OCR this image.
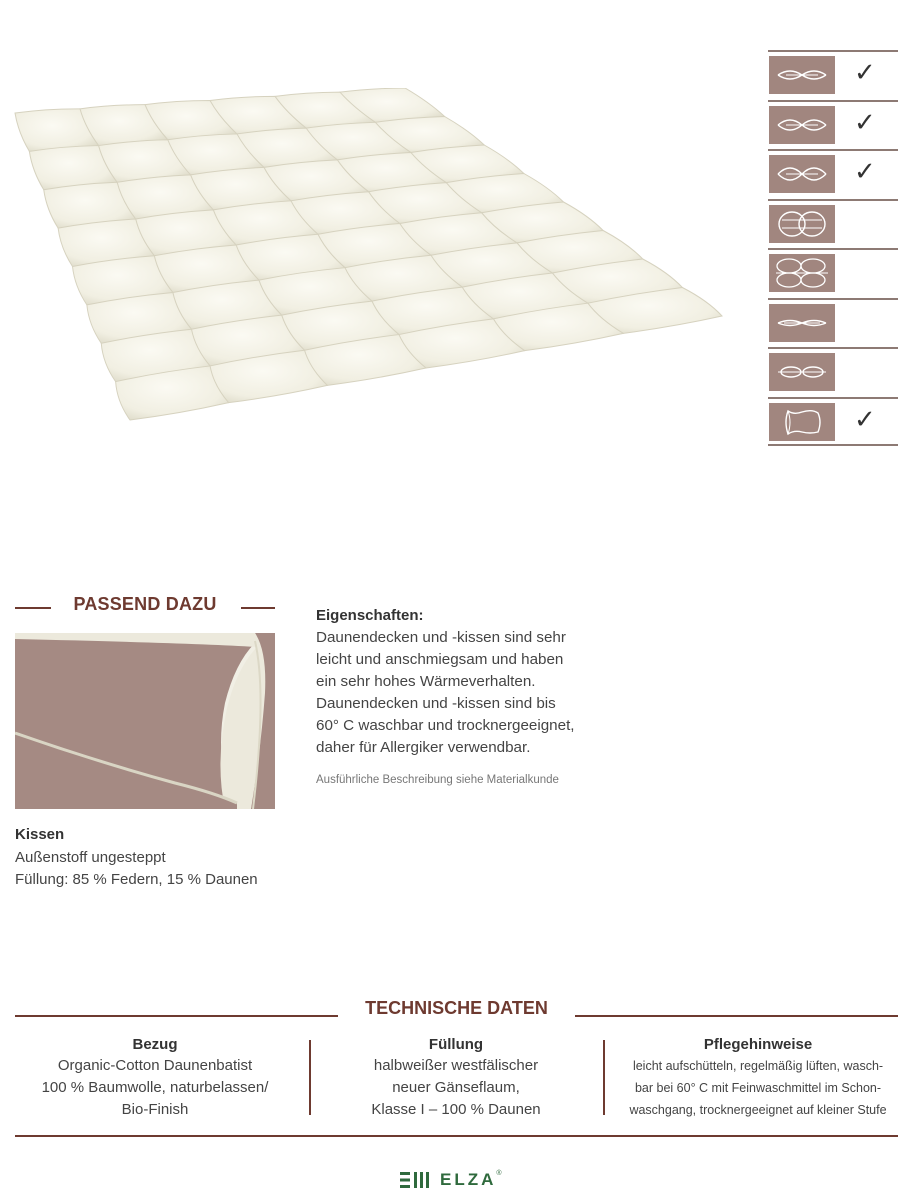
✓
✓
✓
✓
PASSEND DAZU
Kissen
Außenstoff ungesteppt
Füllung: 85 % Federn, 15 % Daunen
Eigenschaften:
Daunendecken und -kissen sind sehr
leicht und anschmiegsam und haben
ein sehr hohes Wärmeverhalten.
Daunendecken und -kissen sind bis
60° C waschbar und trocknergeeignet,
daher für Allergiker verwendbar.
Ausführliche Beschreibung siehe Materialkunde
TECHNISCHE DATEN
Bezug
Organic-Cotton Daunenbatist
100 % Baumwolle, naturbelassen/
Bio-Finish
Füllung
halbweißer westfälischer
neuer Gänseflaum,
Klasse I – 100 % Daunen
Pflegehinweise
leicht aufschütteln, regelmäßig lüften, wasch-
bar bei 60° C mit Feinwaschmittel im Schon-
waschgang, trocknergeeignet auf kleiner Stufe
ELZA ®
